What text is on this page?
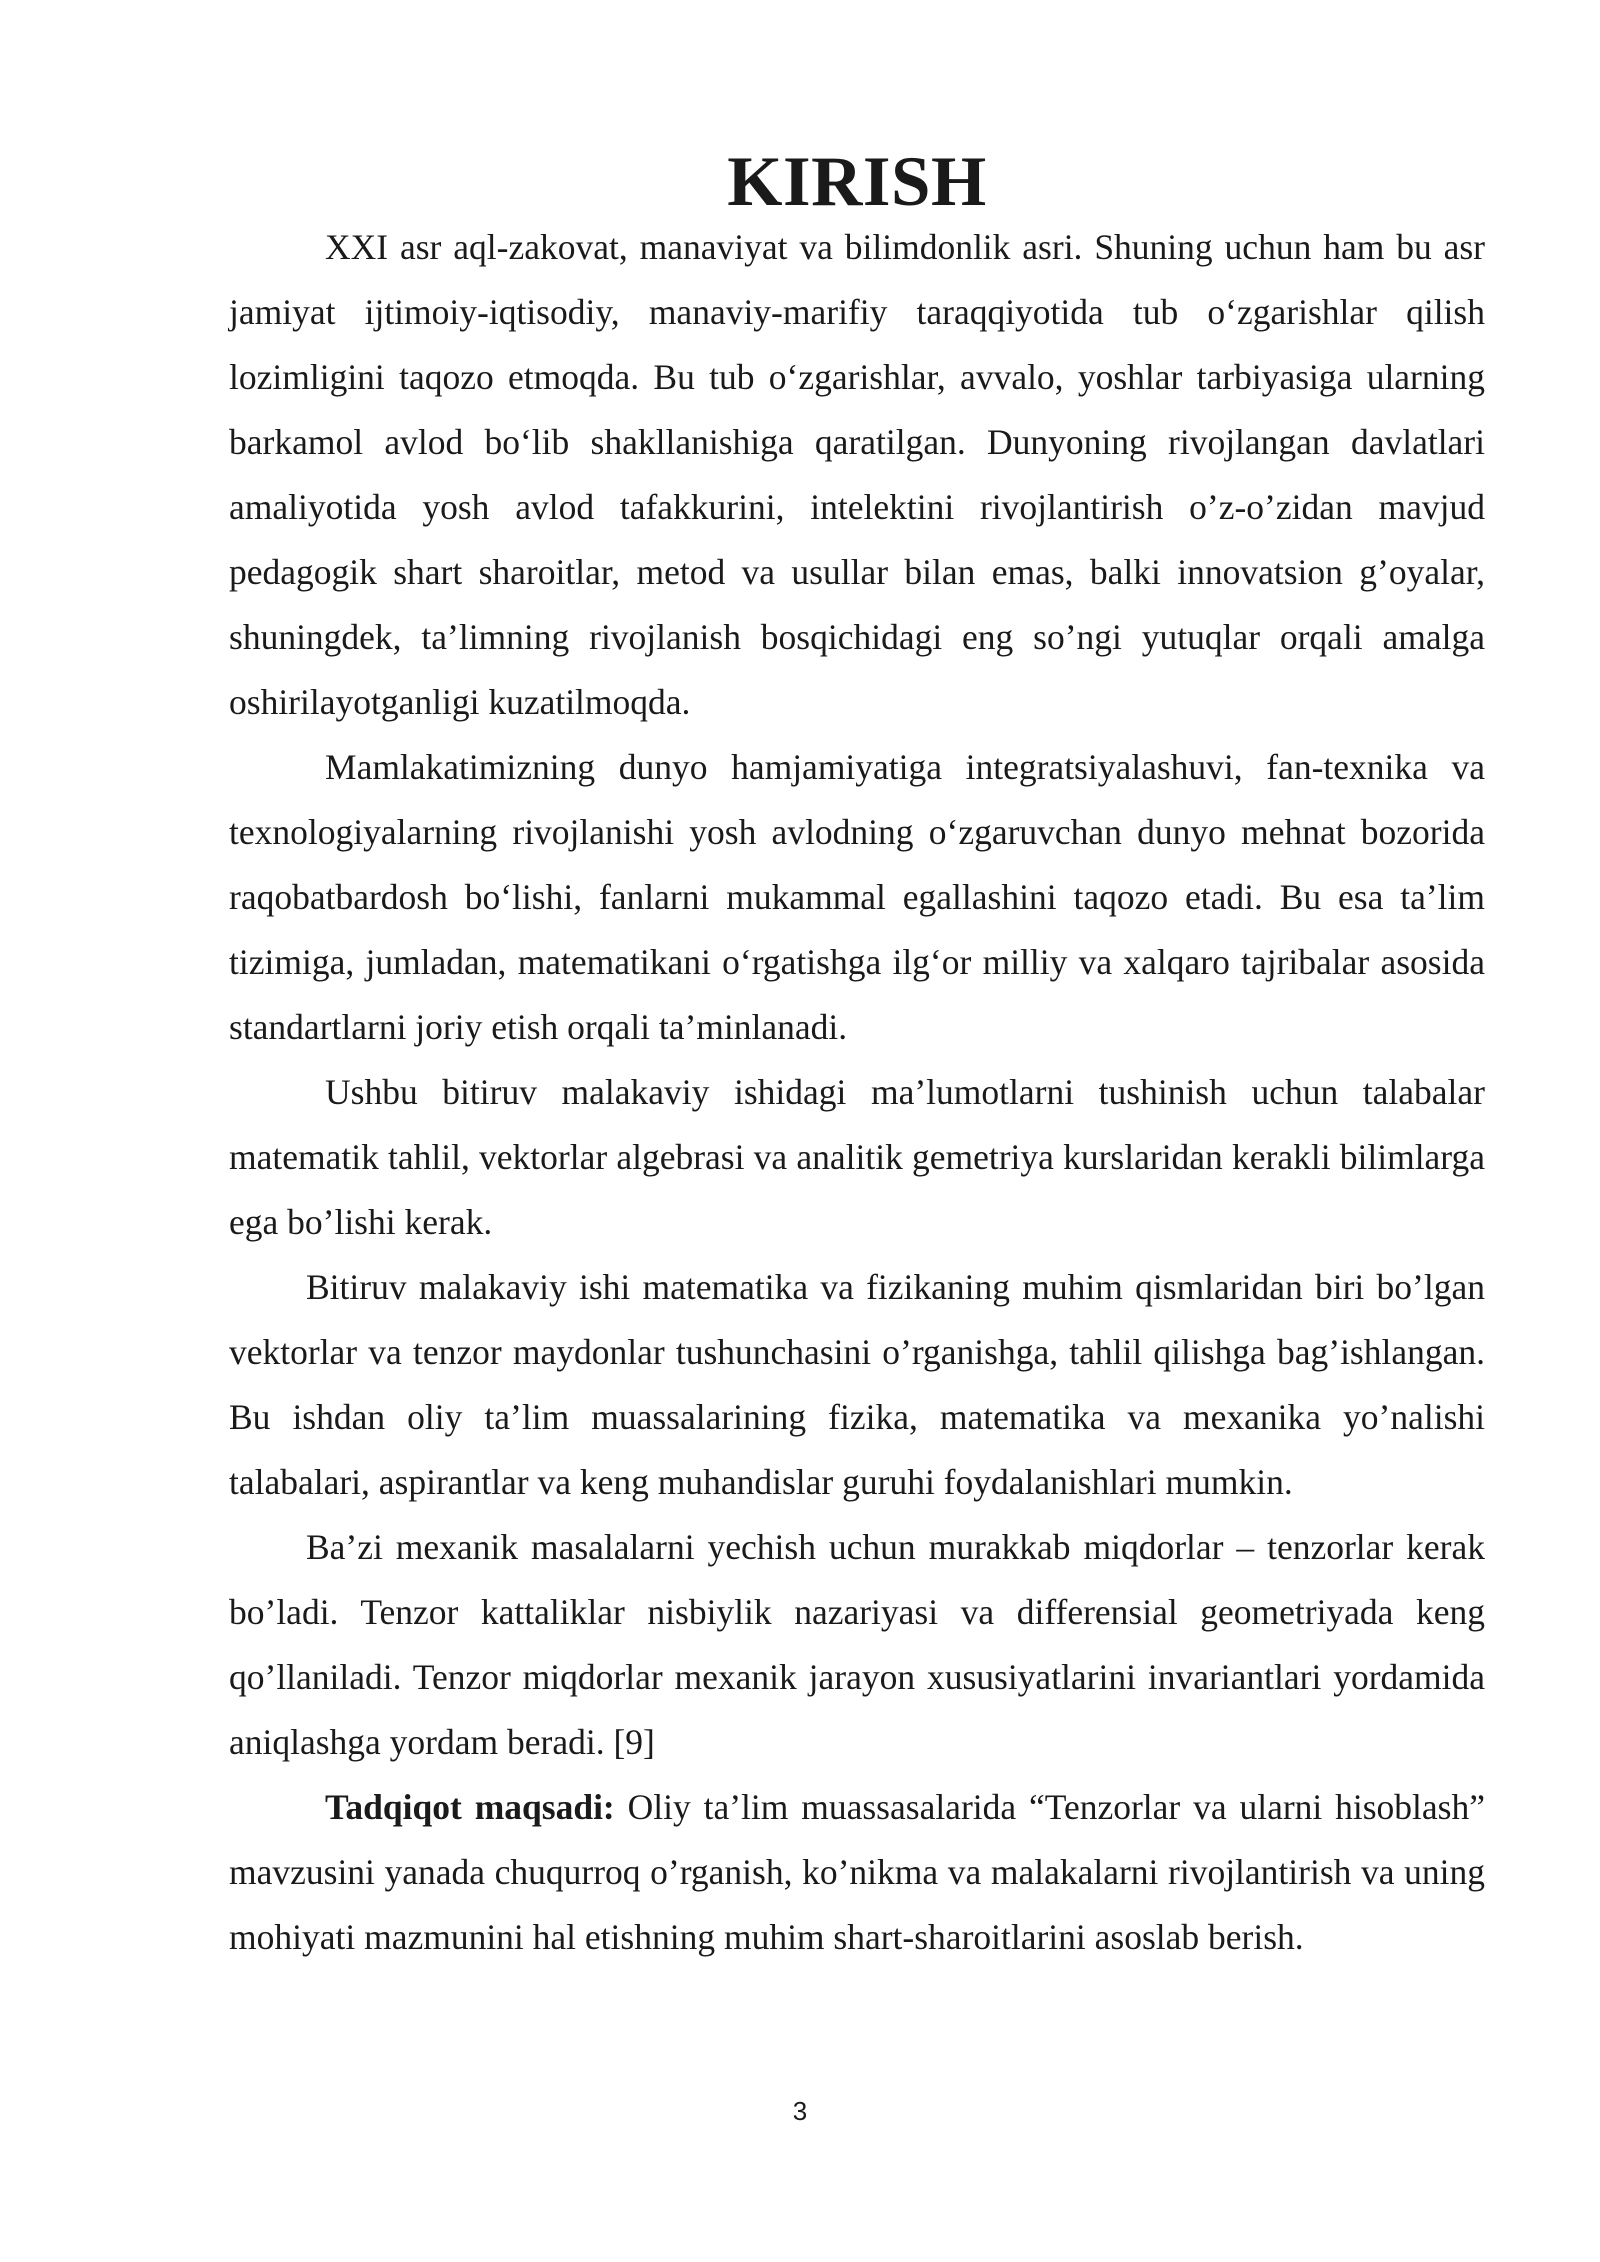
KIRISH

XXI asr aql-zakovat, manaviyat va bilimdonlik asri. Shuning uchun ham bu asr jamiyat ijtimoiy-iqtisodiy, manaviy-marifiy taraqqiyotida tub o‘zgarishlar qilish lozimligini taqozo etmoqda. Bu tub o‘zgarishlar, avvalo, yoshlar tarbiyasiga ularning barkamol avlod bo‘lib shakllanishiga qaratilgan. Dunyoning rivojlangan davlatlari amaliyotida yosh avlod tafakkurini, intelektini rivojlantirish o’z-o’zidan mavjud pedagogik shart sharoitlar, metod va usullar bilan emas, balki innovatsion g’oyalar, shuningdek, ta’limning rivojlanish bosqichidagi eng so’ngi yutuqlar orqali amalga oshirilayotganligi kuzatilmoqda.

Mamlakatimizning dunyo hamjamiyatiga integratsiyalashuvi, fan-texnika va texnologiyalarning rivojlanishi yosh avlodning o‘zgaruvchan dunyo mehnat bozorida raqobatbardosh bo‘lishi, fanlarni mukammal egallashini taqozo etadi. Bu esa ta’lim tizimiga, jumladan, matematikani o‘rgatishga ilg‘or milliy va xalqaro tajribalar asosida standartlarni joriy etish orqali ta’minlanadi.

Ushbu bitiruv malakaviy ishidagi ma’lumotlarni tushinish uchun talabalar matematik tahlil, vektorlar algebrasi va analitik gemetriya kurslaridan kerakli bilimlarga ega bo’lishi kerak.

Bitiruv malakaviy ishi matematika va fizikaning muhim qismlaridan biri bo’lgan vektorlar va tenzor maydonlar tushunchasini o’rganishga, tahlil qilishga bag’ishlangan. Bu ishdan oliy ta’lim muassalarining fizika, matematika va mexanika yo’nalishi talabalari, aspirantlar va keng muhandislar guruhi foydalanishlari mumkin.

Ba’zi mexanik masalalarni yechish uchun murakkab miqdorlar – tenzorlar kerak bo’ladi. Tenzor kattaliklar nisbiylik nazariyasi va differensial geometriyada keng qo’llaniladi. Tenzor miqdorlar mexanik jarayon xususiyatlarini invariantlari yordamida aniqlashga yordam beradi. [9]

Tadqiqot maqsadi: Oliy ta’lim muassasalarida “Tenzorlar va ularni hisoblash” mavzusini yanada chuqurroq o’rganish, ko’nikma va malakalarni rivojlantirish va uning mohiyati mazmunini hal etishning muhim shart-sharoitlarini asoslab berish.

3
